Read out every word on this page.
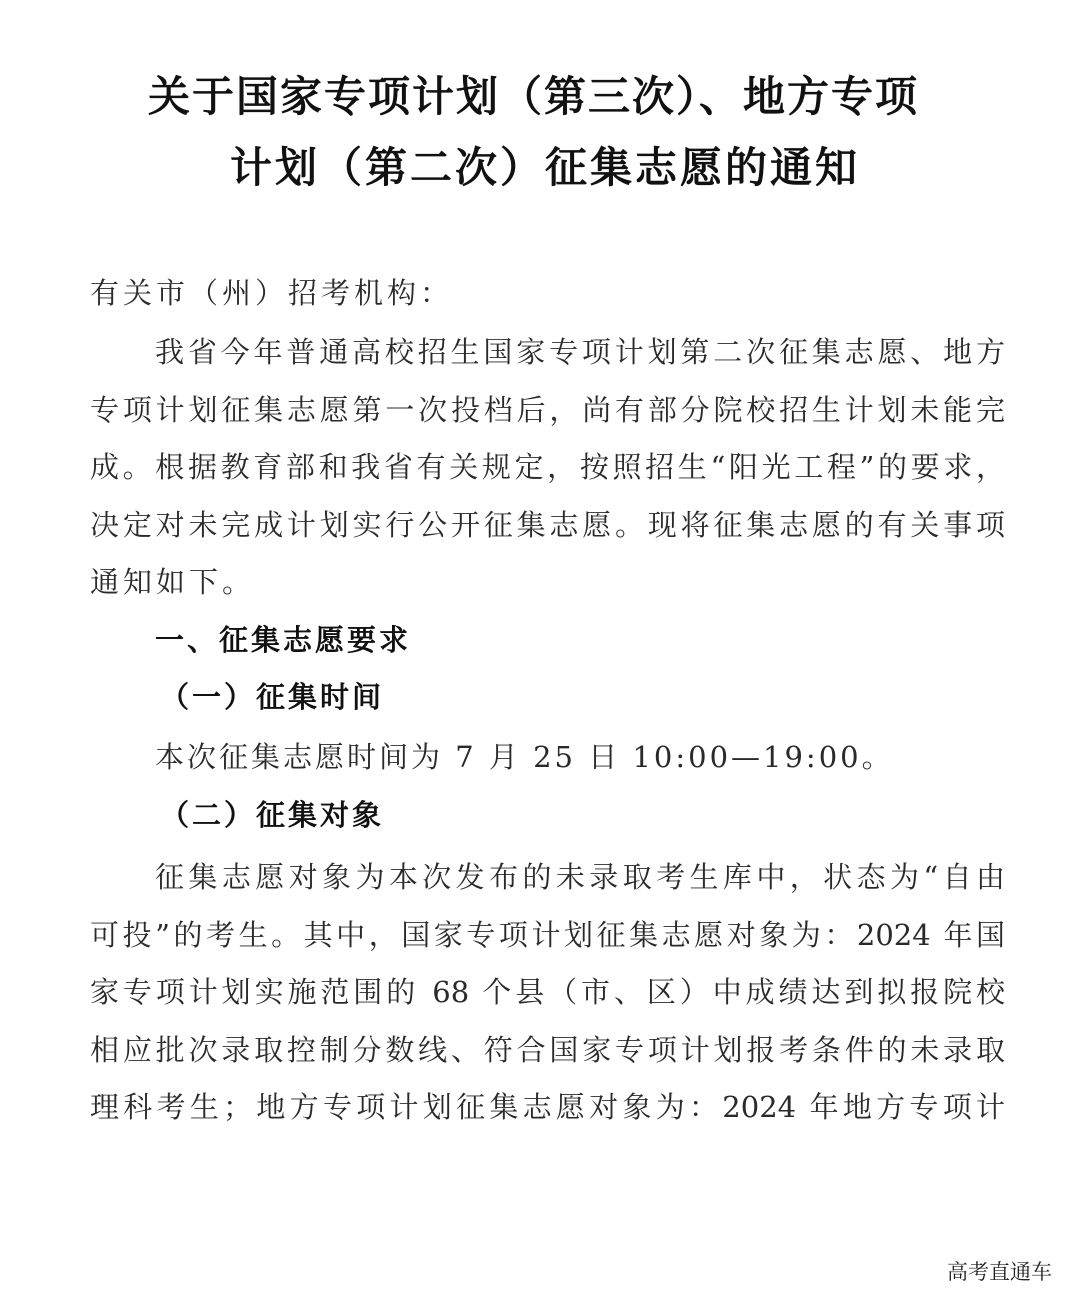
关于国家专项计划（第三次）、地方专项
计划（第二次）征集志愿的通知
有关市（州）招考机构：
我省今年普通高校招生国家专项计划第二次征集志愿、地方
专项计划征集志愿第一次投档后，尚有部分院校招生计划未能完
成。根据教育部和我省有关规定，按照招生“阳光工程”的要求，
决定对未完成计划实行公开征集志愿。现将征集志愿的有关事项
通知如下。
一、征集志愿要求
（一）征集时间
本次征集志愿时间为 7 月 25 日 10:00—19:00。
（二）征集对象
征集志愿对象为本次发布的未录取考生库中，状态为“自由
可投”的考生。其中，国家专项计划征集志愿对象为：2024 年国
家专项计划实施范围的 68 个县（市、区）中成绩达到拟报院校
相应批次录取控制分数线、符合国家专项计划报考条件的未录取
理科考生；地方专项计划征集志愿对象为：2024 年地方专项计
高考直通车
